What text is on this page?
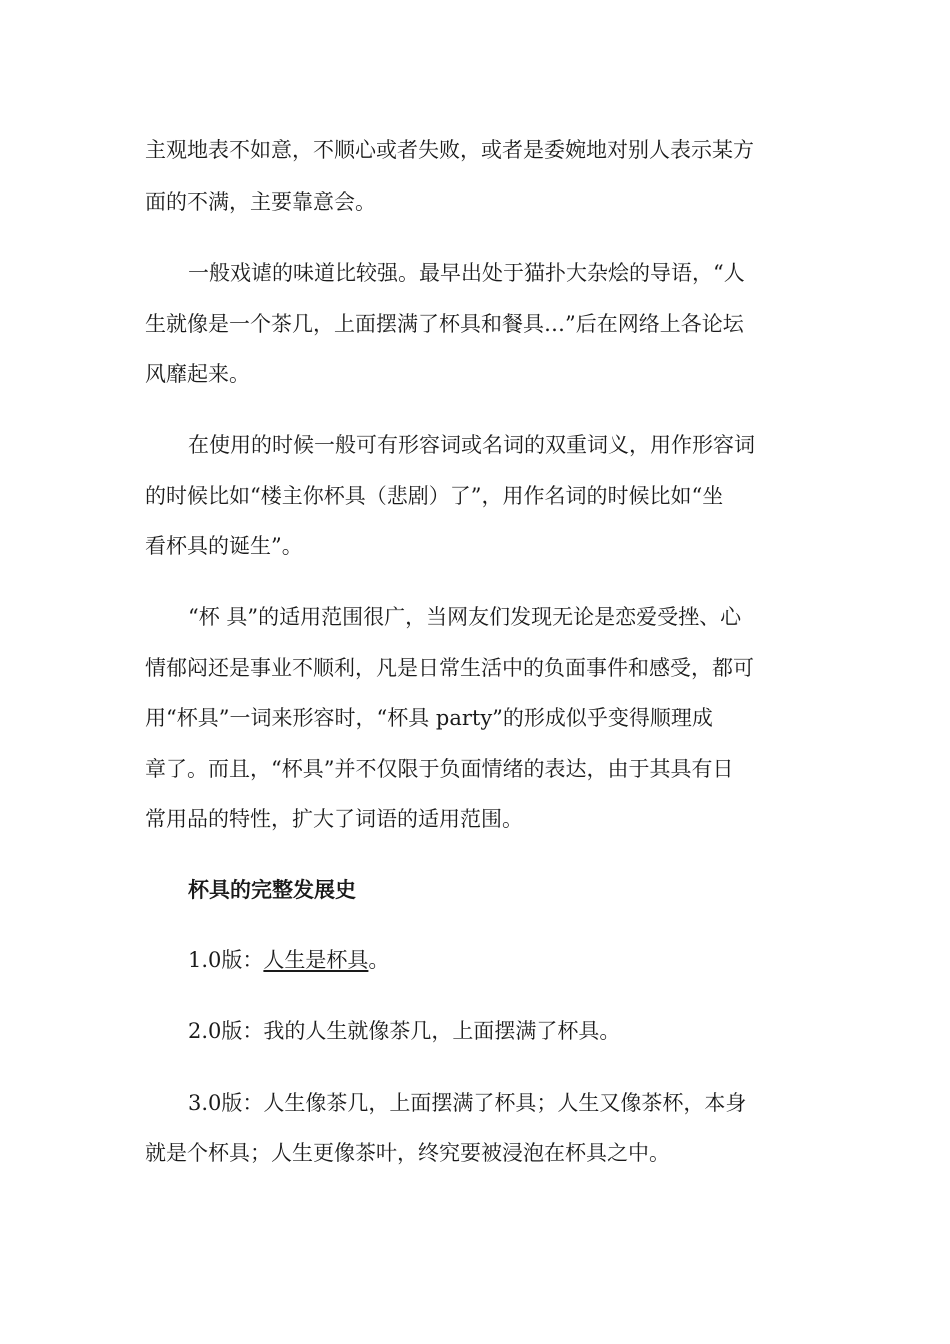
主观地表不如意，不顺心或者失败，或者是委婉地对别人表示某方
面的不满，主要靠意会。
一般戏谑的味道比较强。最早出处于猫扑大杂烩的导语，“人
生就像是一个茶几，上面摆满了杯具和餐具…”后在网络上各论坛
风靡起来。
在使用的时候一般可有形容词或名词的双重词义，用作形容词
的时候比如“楼主你杯具（悲剧）了”，用作名词的时候比如“坐
看杯具的诞生”。
“杯 具”的适用范围很广，当网友们发现无论是恋爱受挫、心
情郁闷还是事业不顺利，凡是日常生活中的负面事件和感受，都可
用“杯具”一词来形容时，“杯具 party”的形成似乎变得顺理成
章了。而且，“杯具”并不仅限于负面情绪的表达，由于其具有日
常用品的特性，扩大了词语的适用范围。
杯具的完整发展史
1.0版：人生是杯具。
2.0版：我的人生就像茶几，上面摆满了杯具。
3.0版：人生像茶几，上面摆满了杯具；人生又像茶杯，本身
就是个杯具；人生更像茶叶，终究要被浸泡在杯具之中。
